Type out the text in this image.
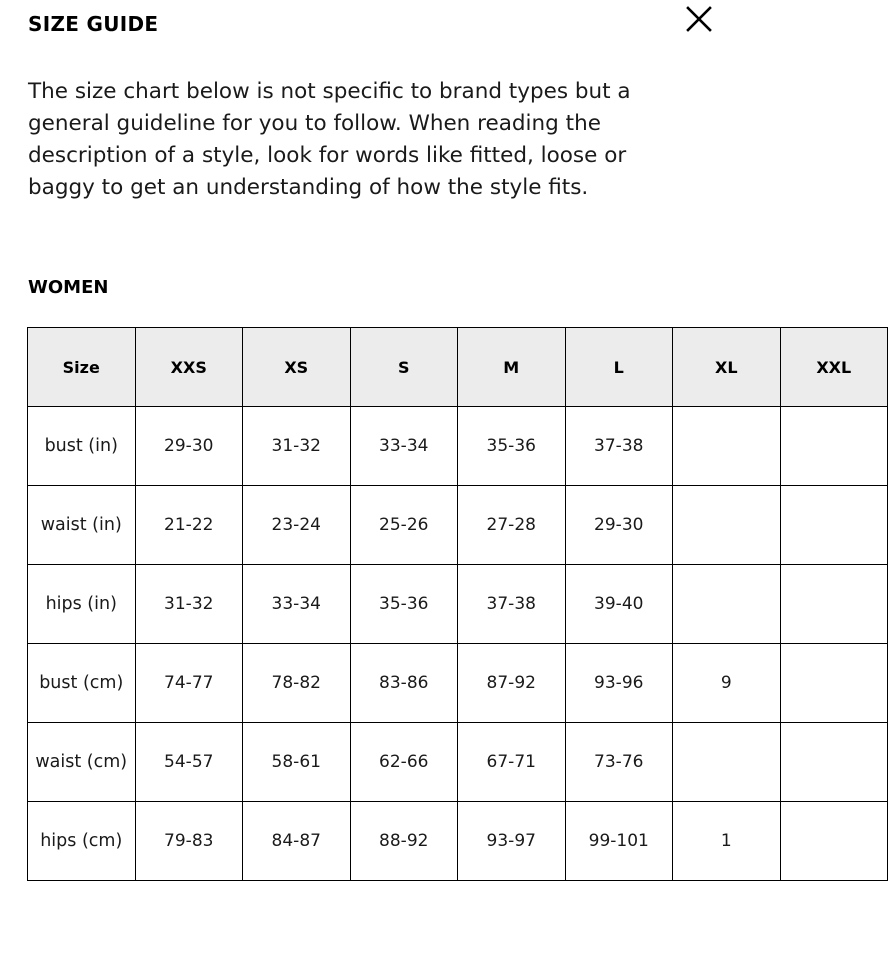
SIZE GUIDE

The size chart below is not specific to brand types but a general guideline for you to follow. When reading the description of a style, look for words like fitted, loose or baggy to get an understanding of how the style fits.

WOMEN
Size	XXS	XS	S	M	L	XL	XXL
bust (in)	29-30	31-32	33-34	35-36	37-38		
waist (in)	21-22	23-24	25-26	27-28	29-30		
hips (in)	31-32	33-34	35-36	37-38	39-40		
bust (cm)	74-77	78-82	83-86	87-92	93-96	9	
waist (cm)	54-57	58-61	62-66	67-71	73-76		
hips (cm)	79-83	84-87	88-92	93-97	99-101	1	
